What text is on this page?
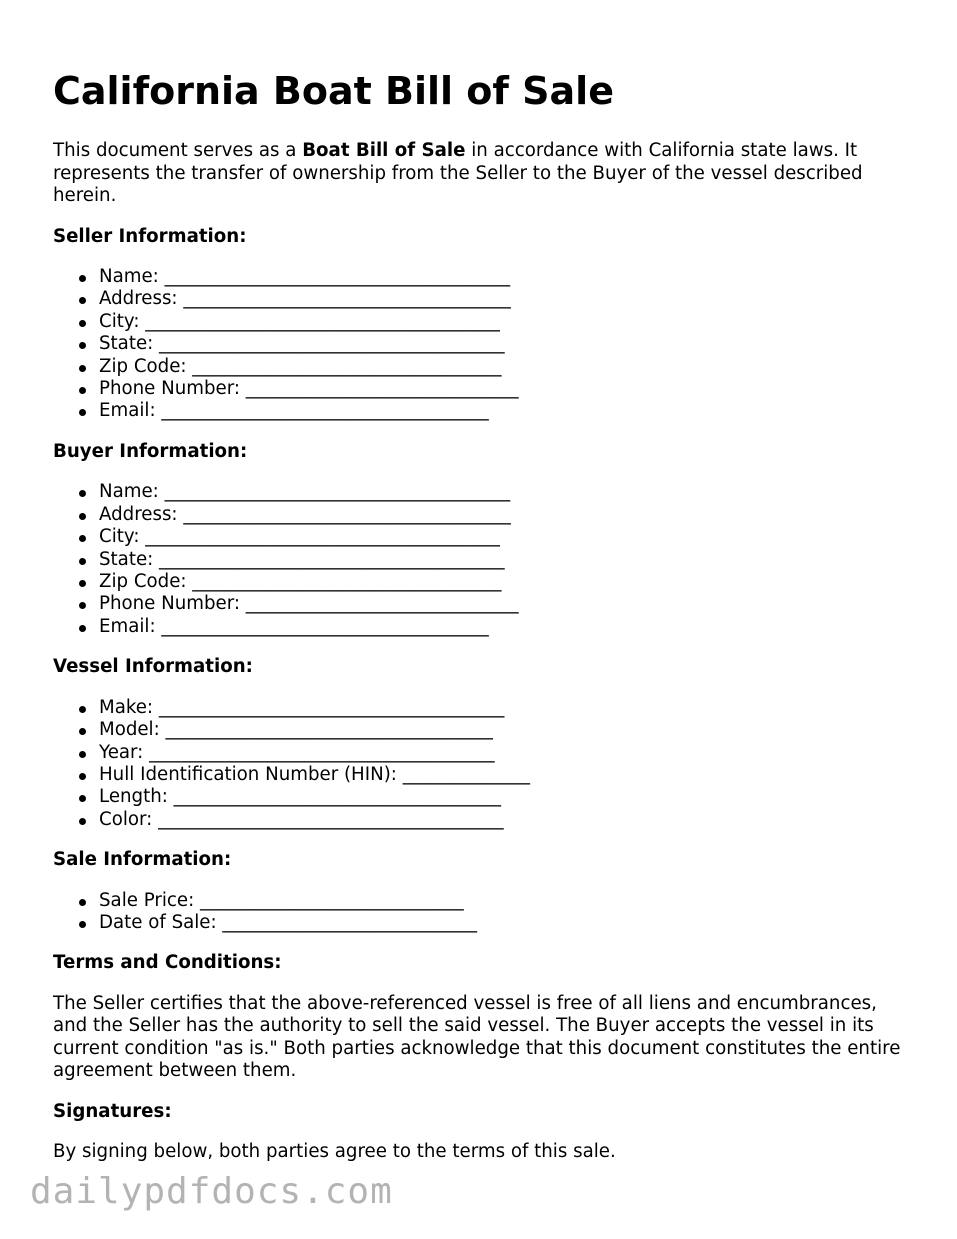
California Boat Bill of Sale

This document serves as a Boat Bill of Sale in accordance with California state laws. It represents the transfer of ownership from the Seller to the Buyer of the vessel described herein.

Seller Information:
Name: ______________________________________
Address: ____________________________________
City: _______________________________________
State: ______________________________________
Zip Code: __________________________________
Phone Number: ______________________________
Email: ____________________________________
Buyer Information:
Name: ______________________________________
Address: ____________________________________
City: _______________________________________
State: ______________________________________
Zip Code: __________________________________
Phone Number: ______________________________
Email: ____________________________________
Vessel Information:
Make: ______________________________________
Model: ____________________________________
Year: ______________________________________
Hull Identification Number (HIN): ______________
Length: ____________________________________
Color: ______________________________________
Sale Information:
Sale Price: _____________________________
Date of Sale: ____________________________
Terms and Conditions:

The Seller certifies that the above-referenced vessel is free of all liens and encumbrances, and the Seller has the authority to sell the said vessel. The Buyer accepts the vessel in its current condition "as is." Both parties acknowledge that this document constitutes the entire agreement between them.

Signatures:

By signing below, both parties agree to the terms of this sale.

dailypdfdocs.com
